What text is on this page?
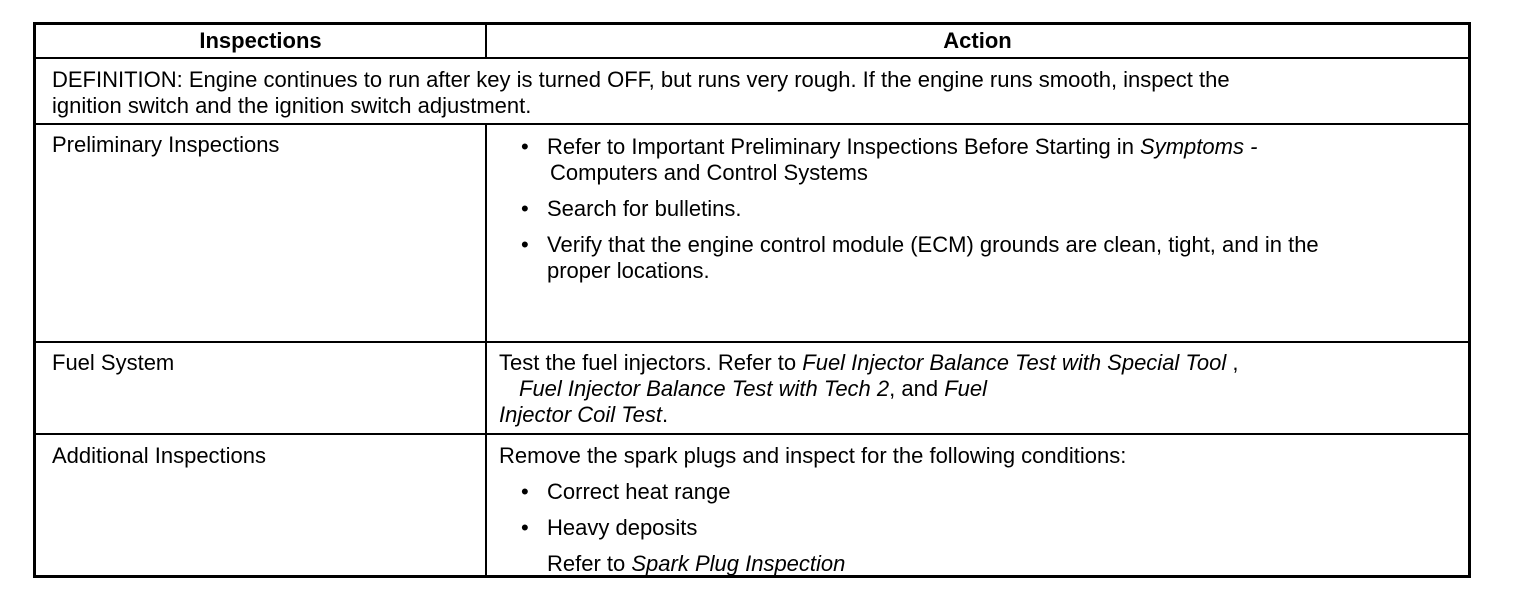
Inspections	Action
DEFINITION: Engine continues to run after key is turned OFF, but runs very rough. If the engine runs smooth, inspect the
ignition switch and the ignition switch adjustment.
Preliminary Inspections	• Refer to Important Preliminary Inspections Before Starting in Symptoms -
Computers and Control Systems
• Search for bulletins.
• Verify that the engine control module (ECM) grounds are clean, tight, and in the
proper locations.
Fuel System	Test the fuel injectors. Refer to Fuel Injector Balance Test with Special Tool ,
Fuel Injector Balance Test with Tech 2, and Fuel
Injector Coil Test.
Additional Inspections	Remove the spark plugs and inspect for the following conditions:
• Correct heat range
• Heavy deposits
Refer to Spark Plug Inspection
